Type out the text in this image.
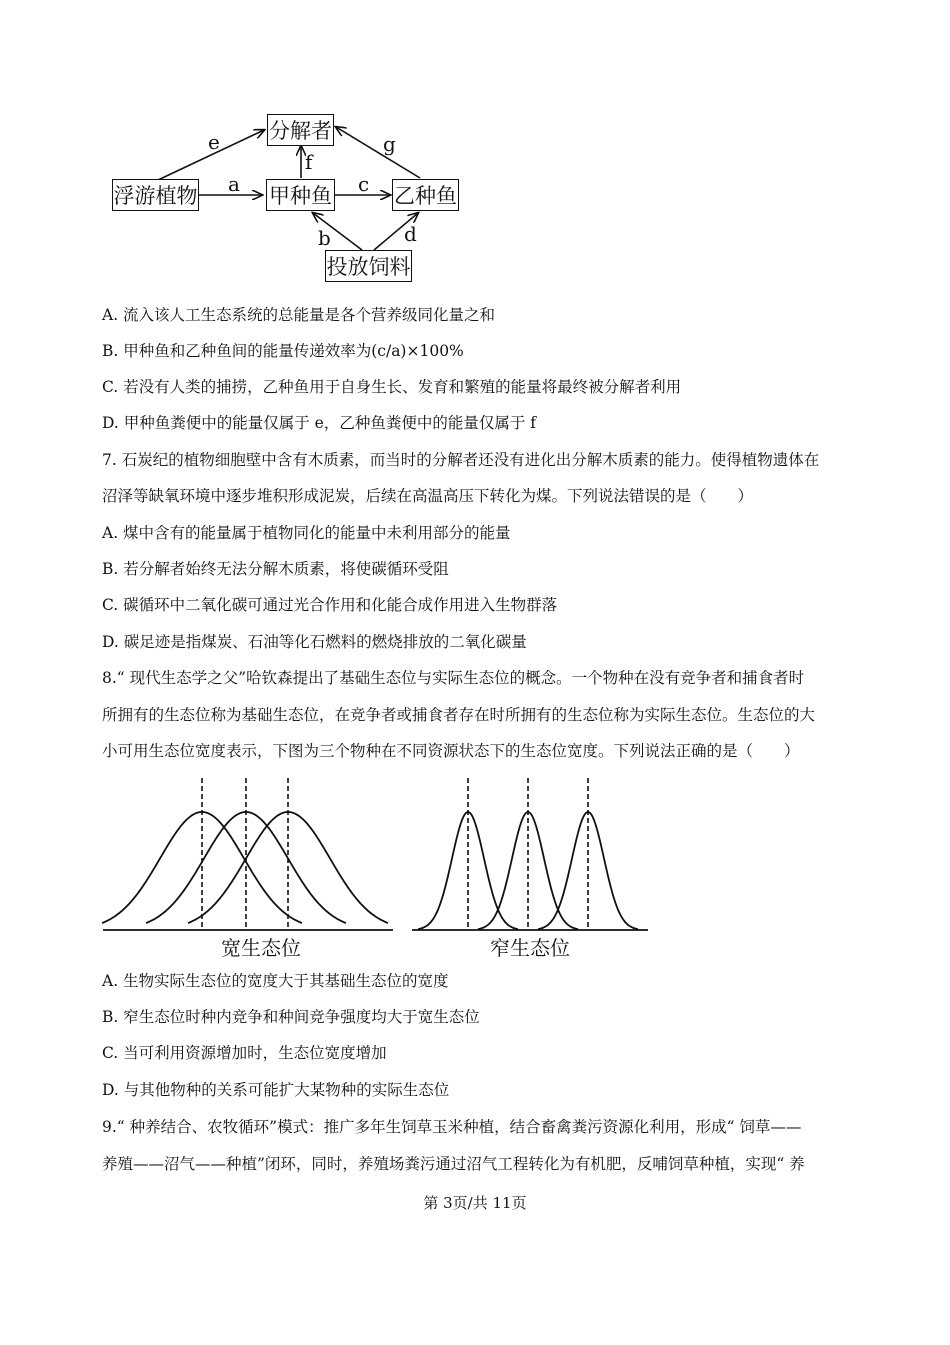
分解者
浮游植物	甲种鱼	乙种鱼
投放饲料
e
a
f
c
g
b	d
A. 流入该人工生态系统的总能量是各个营养级同化量之和
B. 甲种鱼和乙种鱼间的能量传递效率为(c/a)×100%
C. 若没有人类的捕捞，乙种鱼用于自身生长、发育和繁殖的能量将最终被分解者利用
D. 甲种鱼粪便中的能量仅属于 e，乙种鱼粪便中的能量仅属于 f
7. 石炭纪的植物细胞壁中含有木质素，而当时的分解者还没有进化出分解木质素的能力。使得植物遗体在
沼泽等缺氧环境中逐步堆积形成泥炭，后续在高温高压下转化为煤。下列说法错误的是（　　）
A. 煤中含有的能量属于植物同化的能量中未利用部分的能量
B. 若分解者始终无法分解木质素，将使碳循环受阻
C. 碳循环中二氧化碳可通过光合作用和化能合成作用进入生物群落
D. 碳足迹是指煤炭、石油等化石燃料的燃烧排放的二氧化碳量
8.“ 现代生态学之父”哈钦森提出了基础生态位与实际生态位的概念。一个物种在没有竞争者和捕食者时
所拥有的生态位称为基础生态位，在竞争者或捕食者存在时所拥有的生态位称为实际生态位。生态位的大
小可用生态位宽度表示，下图为三个物种在不同资源状态下的生态位宽度。下列说法正确的是（　　）
宽生态位	窄生态位
A. 生物实际生态位的宽度大于其基础生态位的宽度
B. 窄生态位时种内竞争和种间竞争强度均大于宽生态位
C. 当可利用资源增加时，生态位宽度增加
D. 与其他物种的关系可能扩大某物种的实际生态位
9.“ 种养结合、农牧循环”模式：推广多年生饲草玉米种植，结合畜禽粪污资源化利用，形成“ 饲草——
养殖——沼气——种植”闭环，同时，养殖场粪污通过沼气工程转化为有机肥，反哺饲草种植，实现“ 养
第 3页/共 11页
